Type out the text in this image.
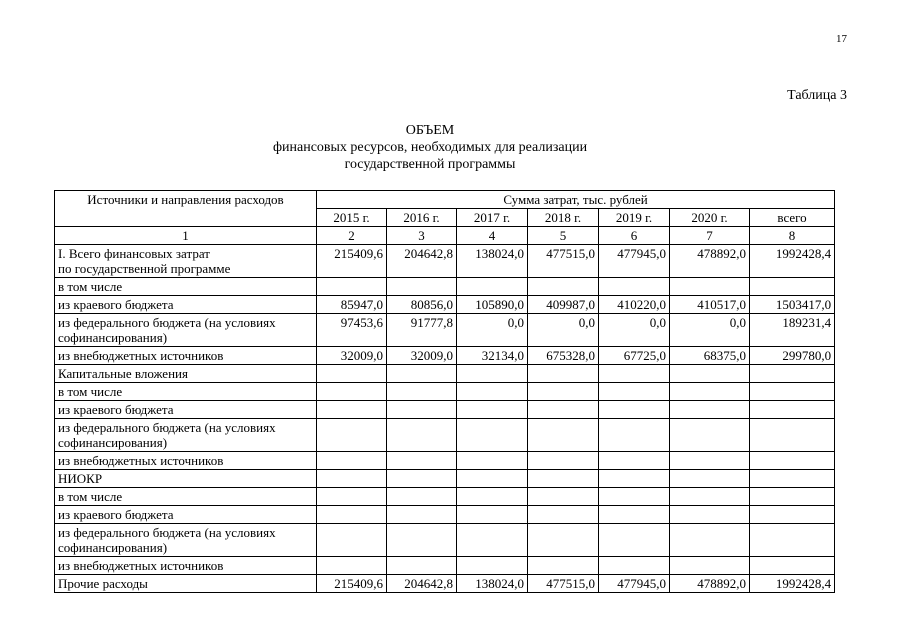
17
Таблица 3
ОБЪЕМ
финансовых ресурсов, необходимых для реализации
государственной программы
Источники и направления расходов	Сумма затрат, тыс. рублей						
	2015 г.	2016 г.	2017 г.	2018 г.	2019 г.	2020 г.	всего
1	2	3	4	5	6	7	8
I. Всего финансовых затрат
по государственной программе	215409,6	204642,8	138024,0	477515,0	477945,0	478892,0	1992428,4
в том числе							
из краевого бюджета	85947,0	80856,0	105890,0	409987,0	410220,0	410517,0	1503417,0
из федерального бюджета (на условиях софинансирования)	97453,6	91777,8	0,0	0,0	0,0	0,0	189231,4
из внебюджетных источников	32009,0	32009,0	32134,0	675328,0	67725,0	68375,0	299780,0
Капитальные вложения							
в том числе							
из краевого бюджета							
из федерального бюджета (на условиях софинансирования)							
из внебюджетных источников							
НИОКР							
в том числе							
из краевого бюджета							
из федерального бюджета (на условиях софинансирования)							
из внебюджетных источников							
Прочие расходы	215409,6	204642,8	138024,0	477515,0	477945,0	478892,0	1992428,4
